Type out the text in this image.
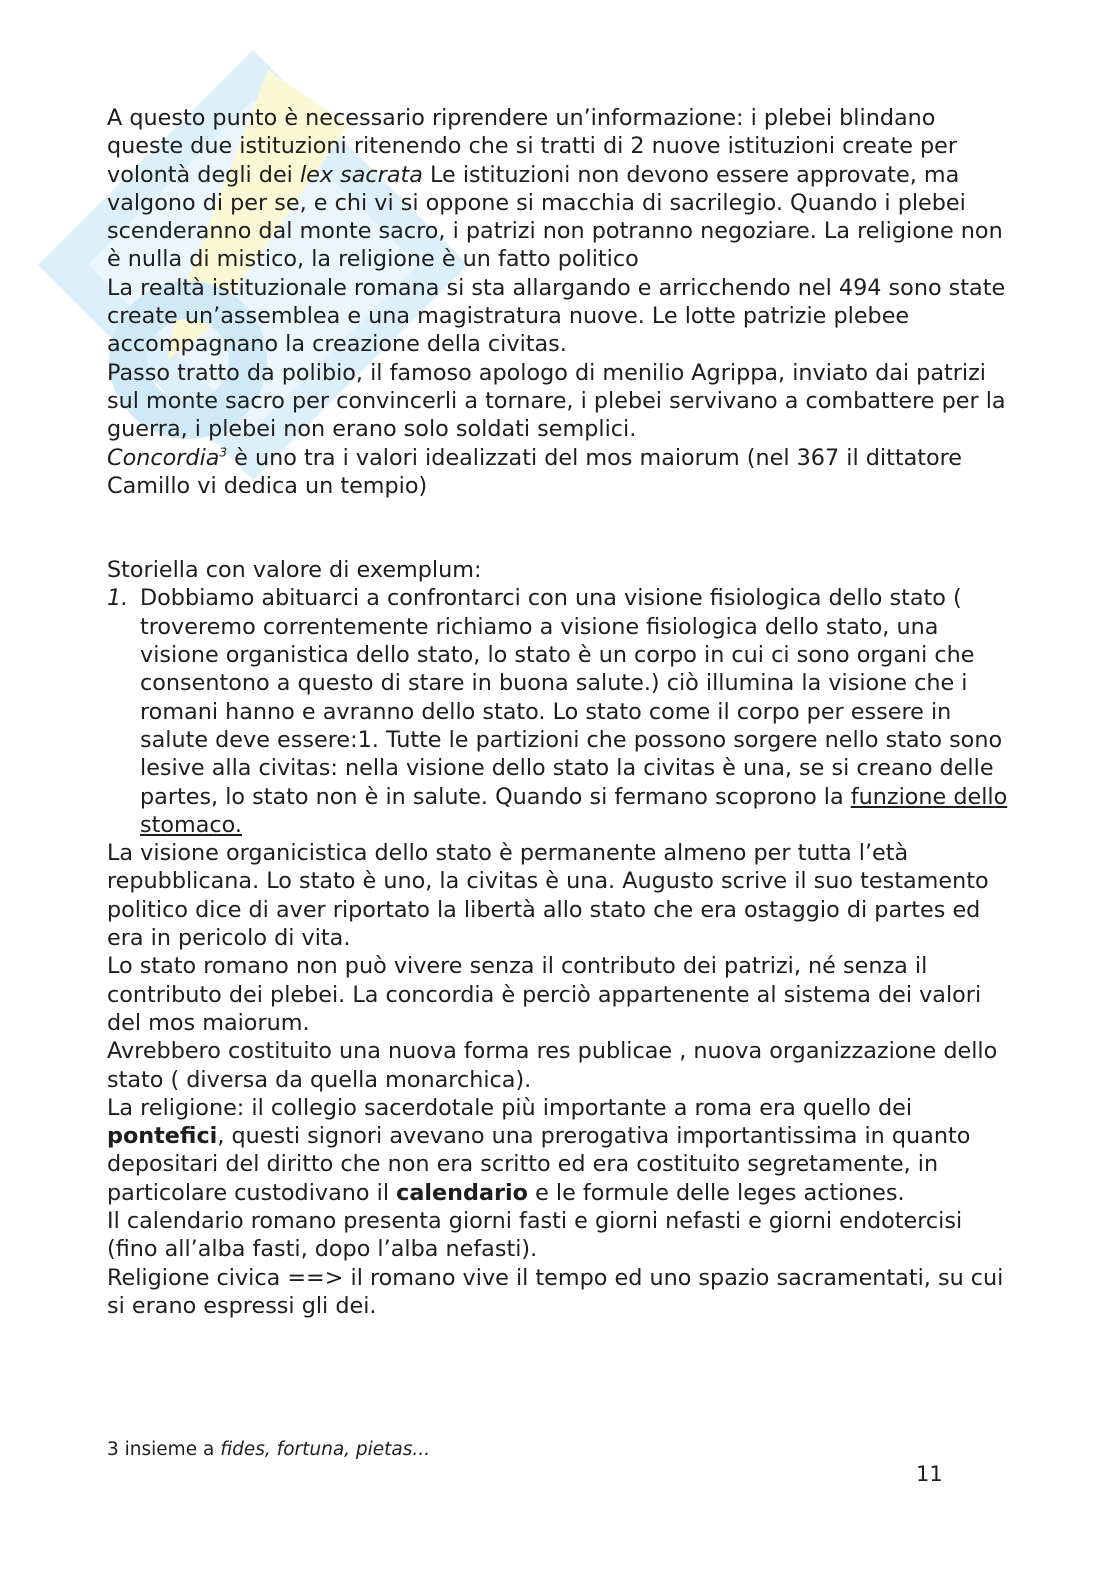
A questo punto è necessario riprendere un’informazione: i plebei blindano queste due istituzioni ritenendo che si tratti di 2 nuove istituzioni create per volontà degli dei lex sacrata Le istituzioni non devono essere approvate, ma valgono di per se, e chi vi si oppone si macchia di sacrilegio. Quando i plebei scenderanno dal monte sacro, i patrizi non potranno negoziare. La religione non è nulla di mistico, la religione è un fatto politico

La realtà istituzionale romana si sta allargando e arricchendo nel 494 sono state create un’assemblea e una magistratura nuove. Le lotte patrizie plebee accompagnano la creazione della civitas.

Passo tratto da polibio, il famoso apologo di menilio Agrippa, inviato dai patrizi sul monte sacro per convincerli a tornare, i plebei servivano a combattere per la guerra, i plebei non erano solo soldati semplici.

Concordia$^3$ è uno tra i valori idealizzati del mos maiorum (nel 367 il dittatore Camillo vi dedica un tempio)

Storiella con valore di exemplum:

1. Dobbiamo abituarci a confrontarci con una visione fisiologica dello stato ( troveremo correntemente richiamo a visione fisiologica dello stato, una visione organistica dello stato, lo stato è un corpo in cui ci sono organi che consentono a questo di stare in buona salute.) ciò illumina la visione che i romani hanno e avranno dello stato. Lo stato come il corpo per essere in salute deve essere:1. Tutte le partizioni che possono sorgere nello stato sono lesive alla civitas: nella visione dello stato la civitas è una, se si creano delle partes, lo stato non è in salute. Quando si fermano scoprono la funzione dello stomaco.

La visione organicistica dello stato è permanente almeno per tutta l’età repubblicana. Lo stato è uno, la civitas è una. Augusto scrive il suo testamento politico dice di aver riportato la libertà allo stato che era ostaggio di partes ed era in pericolo di vita.

Lo stato romano non può vivere senza il contributo dei patrizi, né senza il contributo dei plebei. La concordia è perciò appartenente al sistema dei valori del mos maiorum.

Avrebbero costituito una nuova forma res publicae , nuova organizzazione dello stato ( diversa da quella monarchica).

La religione: il collegio sacerdotale più importante a roma era quello dei pontefici, questi signori avevano una prerogativa importantissima in quanto depositari del diritto che non era scritto ed era costituito segretamente, in particolare custodivano il calendario e le formule delle leges actiones.

Il calendario romano presenta giorni fasti e giorni nefasti e giorni endotercisi (fino all’alba fasti, dopo l’alba nefasti).

Religione civica ==> il romano vive il tempo ed uno spazio sacramentati, su cui si erano espressi gli dei.

3 insieme a fides, fortuna, pietas...
11
